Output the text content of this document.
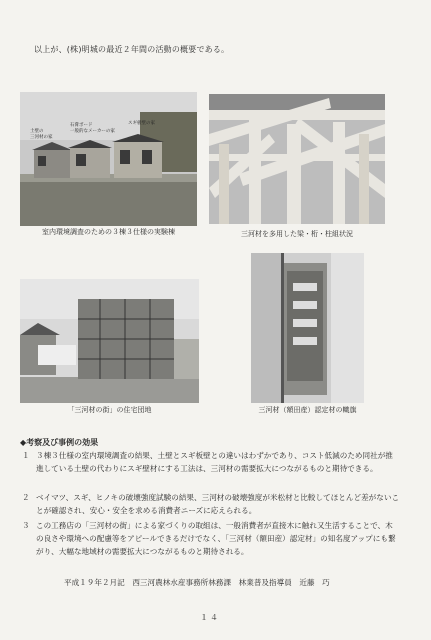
以上が、(株)明城の最近２年間の活動の概要である。
土壁の
三河材の家
石膏ボード
一般的なメーカーの家
スギ板壁の家
室内環境調査のための３棟３仕様の実験棟	三河材を多用した梁・桁・柱組状況
「三河材の街」の住宅団地	三河材（額田産）認定材の幟旗
◆考察及び事例の効果
１ ３棟３仕様の室内環境調査の結果、土壁とスギ板壁との違いはわずかであり、コスト低減のため同社が推進している土壁の代わりにスギ壁材にする工法は、三河材の需要拡大につながるものと期待できる。
２ ベイマツ、スギ、ヒノキの破壊強度試験の結果、三河材の破壊強度が米松材と比較してほとんど差がないことが確認され、安心・安全を求める消費者ニーズに応えられる。
３ この工務店の「三河材の街」による家づくりの取組は、一般消費者が直接木に触れ又生活することで、木の良さや環境への配慮等をアピールできるだけでなく、「三河材（額田産）認定材」の知名度アップにも繋がり、大幅な地域材の需要拡大につながるものと期待される。
平成１９年２月記　西三河農林水産事務所林務課　林業普及指導員　近藤　巧
１４
